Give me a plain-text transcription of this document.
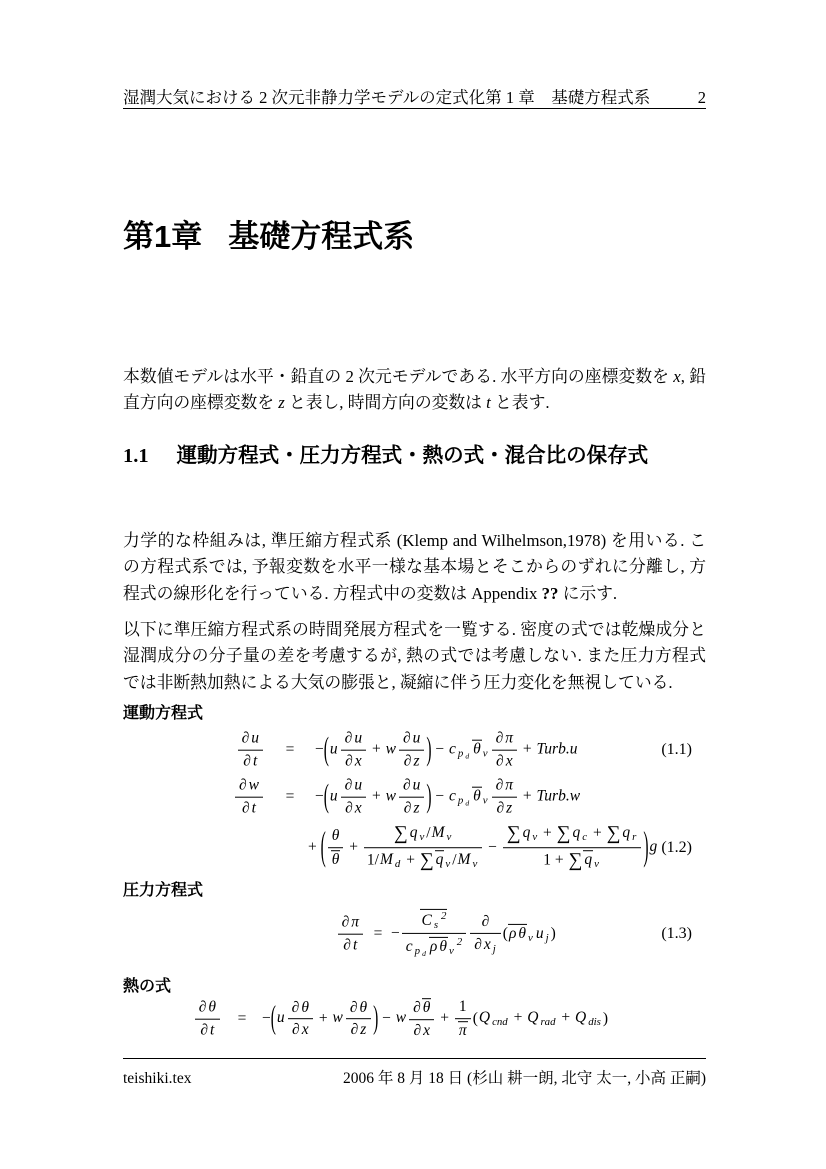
湿潤大気における 2 次元非静力学モデルの定式化第 1 章　基礎方程式系	2
第1章 基礎方程式系

本数値モデルは水平・鉛直の 2 次元モデルである. 水平方向の座標変数を x, 鉛直方向の座標変数を z と表し, 時間方向の変数は t と表す.

1.1 運動方程式・圧力方程式・熱の式・混合比の保存式

力学的な枠組みは, 準圧縮方程式系 (Klemp and Wilhelmson,1978) を用いる. この方程式系では, 予報変数を水平一様な基本場とそこからのずれに分離し, 方程式の線形化を行っている. 方程式中の変数は Appendix ?? に示す.

以下に準圧縮方程式系の時間発展方程式を一覧する. 密度の式では乾燥成分と湿潤成分の分子量の差を考慮するが, 熱の式では考慮しない. また圧力方程式では非断熱加熱による大気の膨張と, 凝縮に伴う圧力変化を無視している.

運動方程式
$\frac{\partial u}{\partial t}$	=	$-(u \frac{\partial u}{\partial x} + w \frac{\partial u}{\partial z}$ ) − c p d θ v $\frac{\partial \pi}{\partial x}$ + Turb.u	(1.1)
$\frac{\partial w}{\partial t}$	=	$-(u \frac{\partial u}{\partial x} + w \frac{\partial u}{\partial z}$ ) − c p d θ v $\frac{\partial \pi}{\partial z}$ + Turb.w
+ ( $\frac{\theta}{\theta} + \frac{\text{∑ q v /M v}}{\text{1/M d + ∑ q v /M v}} - \frac{\text{∑ q v + ∑ q c + ∑ q r}}{\text{1 + ∑ q v}} )g$ (1.2)
圧力方程式
$\frac{\partial \pi}{\partial t}$ = −
C $s^2$
c p d ρ θ $v^2$
∂
∂ x j
(ρ θ v u j )	(1.3)
熱の式
$\frac{\partial \theta}{\partial t}$	=	$-(u \frac{\partial \theta}{\partial x} + w \frac{\partial \theta}{\partial z}$ ) − w $\frac{\partial \theta}{\partial x} + \frac{1}{\pi} (Q$ cnd + Q rad + Q dis )
teishiki.tex	2006 年 8 月 18 日 (杉山 耕一朗, 北守 太一, 小高 正嗣)
